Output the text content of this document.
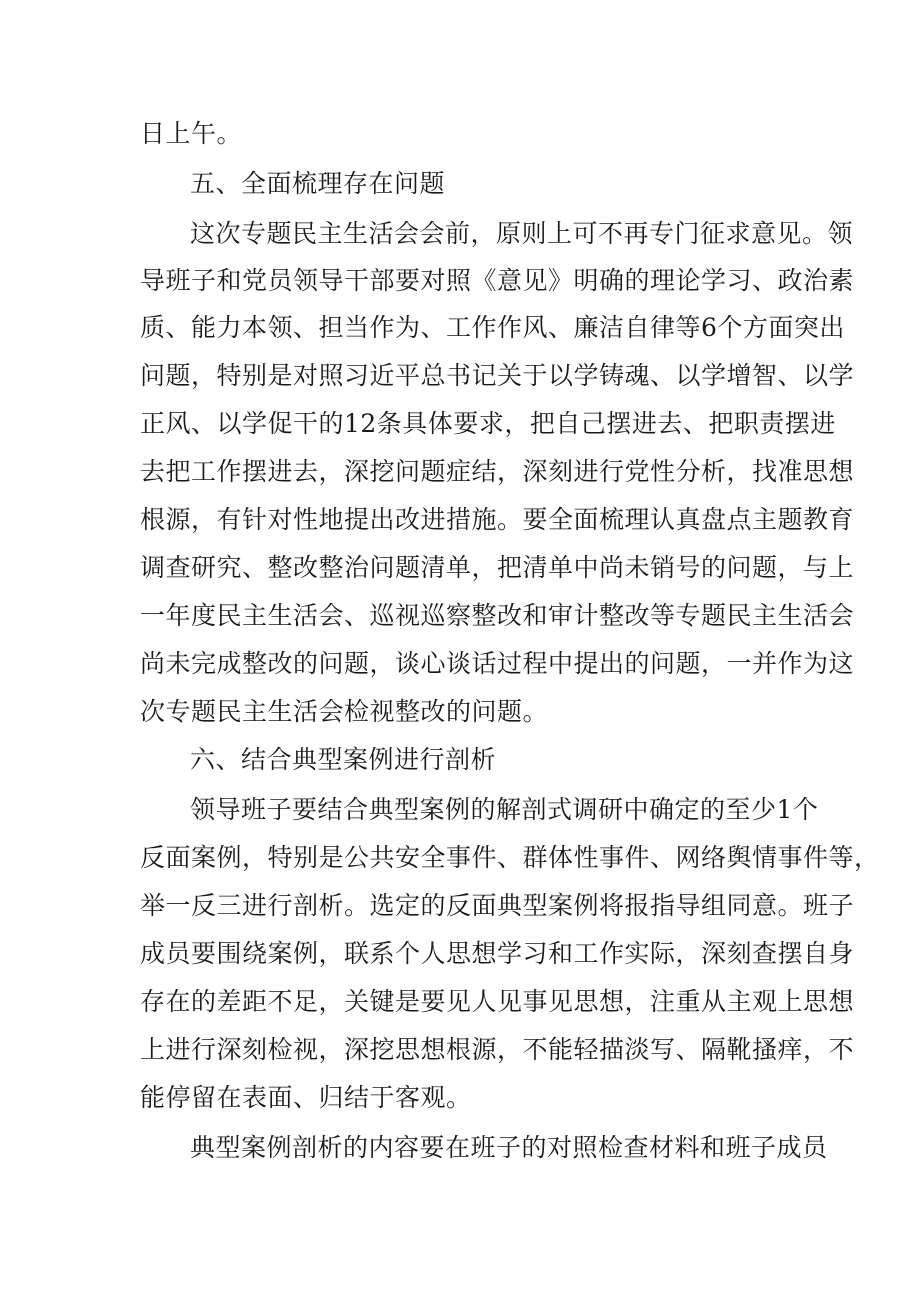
日上午。
五、全面梳理存在问题
这次专题民主生活会会前，原则上可不再专门征求意见。领
导班子和党员领导干部要对照《意见》明确的理论学习、政治素
质、能力本领、担当作为、工作作风、廉洁自律等6个方面突出
问题，特别是对照习近平总书记关于以学铸魂、以学增智、以学
正风、以学促干的12条具体要求，把自己摆进去、把职责摆进
去把工作摆进去，深挖问题症结，深刻进行党性分析，找准思想
根源，有针对性地提出改进措施。要全面梳理认真盘点主题教育
调查研究、整改整治问题清单，把清单中尚未销号的问题，与上
一年度民主生活会、巡视巡察整改和审计整改等专题民主生活会
尚未完成整改的问题，谈心谈话过程中提出的问题，一并作为这
次专题民主生活会检视整改的问题。
六、结合典型案例进行剖析
领导班子要结合典型案例的解剖式调研中确定的至少1个
反面案例，特别是公共安全事件、群体性事件、网络舆情事件等，
举一反三进行剖析。选定的反面典型案例将报指导组同意。班子
成员要围绕案例，联系个人思想学习和工作实际，深刻查摆自身
存在的差距不足，关键是要见人见事见思想，注重从主观上思想
上进行深刻检视，深挖思想根源，不能轻描淡写、隔靴搔痒，不
能停留在表面、归结于客观。
典型案例剖析的内容要在班子的对照检查材料和班子成员
